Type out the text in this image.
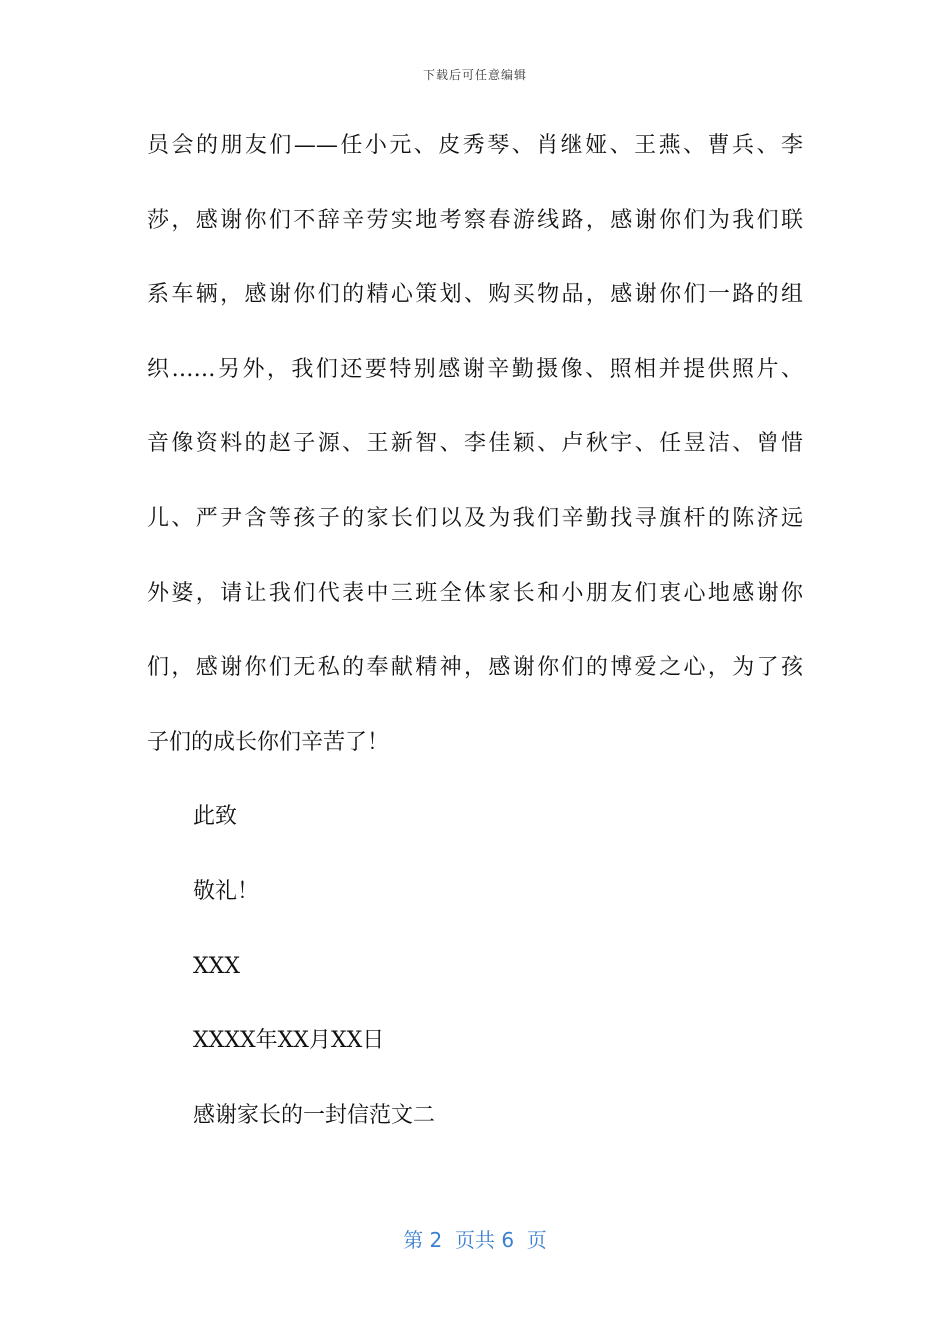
下载后可任意编辑
员会的朋友们——任小元、皮秀琴、肖继娅、王燕、曹兵、李
莎，感谢你们不辞辛劳实地考察春游线路，感谢你们为我们联
系车辆，感谢你们的精心策划、购买物品，感谢你们一路的组
织……另外，我们还要特别感谢辛勤摄像、照相并提供照片、
音像资料的赵子源、王新智、李佳颖、卢秋宇、任昱洁、曾惜
儿、严尹含等孩子的家长们以及为我们辛勤找寻旗杆的陈济远
外婆，请让我们代表中三班全体家长和小朋友们衷心地感谢你
们，感谢你们无私的奉献精神，感谢你们的博爱之心，为了孩
子们的成长你们辛苦了！
此致
敬礼！
XXX
XXXX年XX月XX日
感谢家长的一封信范文二
第 2  页共 6  页
